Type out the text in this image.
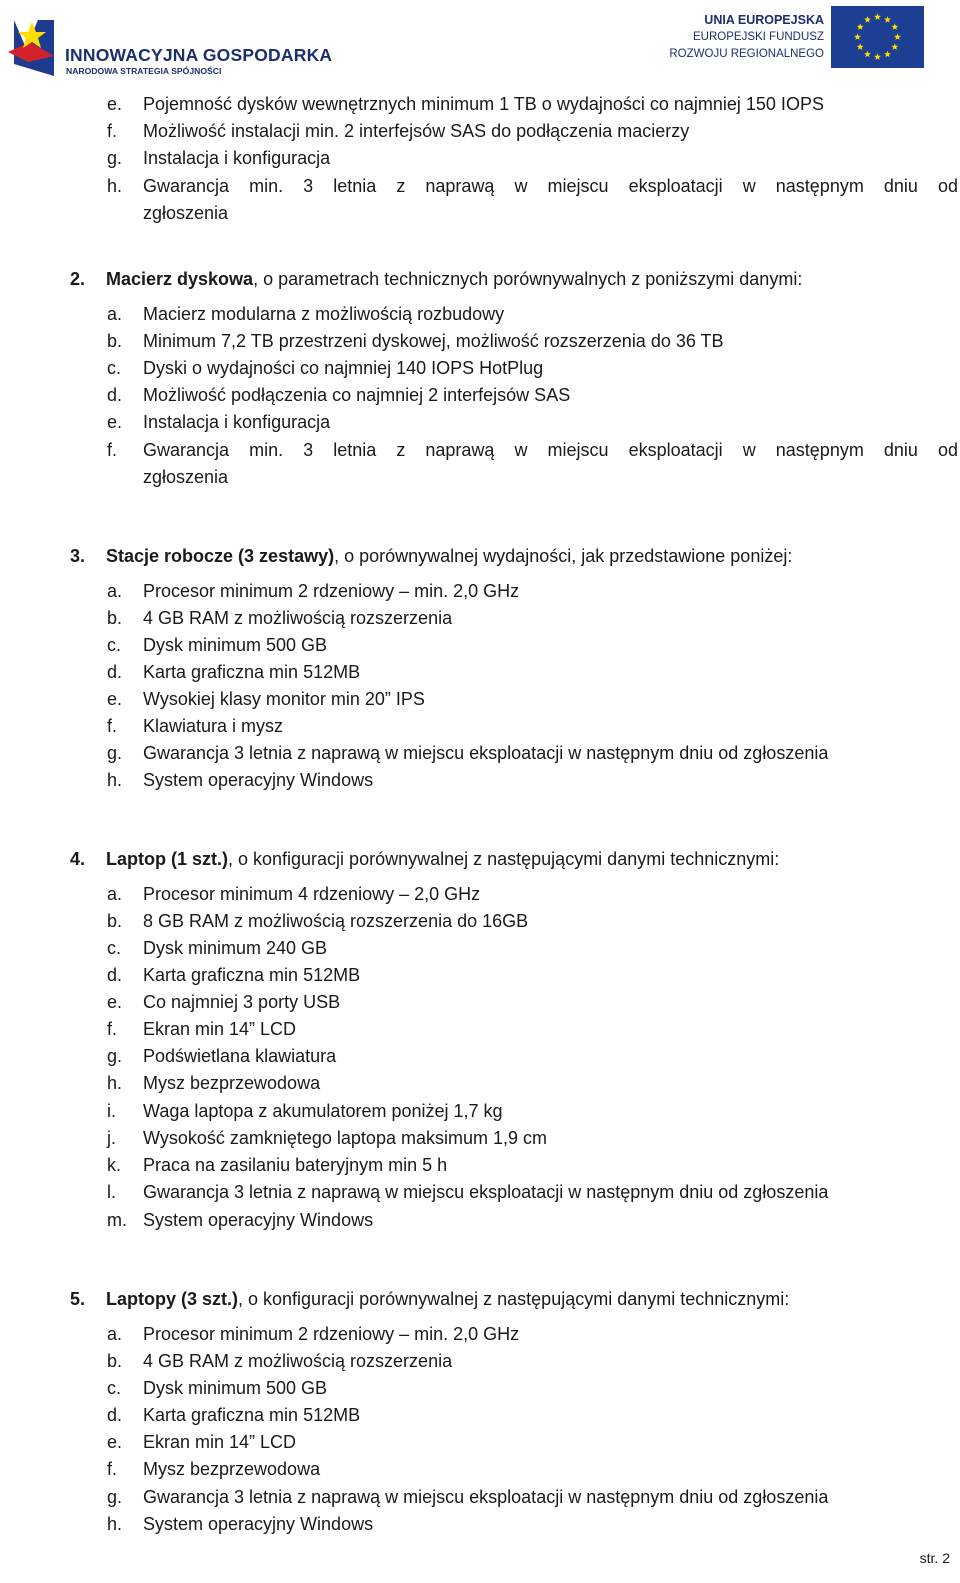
INNOWACYJNA GOSPODARKA
NARODOWA STRATEGIA SPÓJNOŚCI
UNIA EUROPEJSKA
EUROPEJSKI FUNDUSZ
ROZWOJU REGIONALNEGO
e.	Pojemność dysków wewnętrznych minimum 1 TB o wydajności co najmniej 150 IOPS
f.	Możliwość instalacji min. 2 interfejsów SAS do podłączenia macierzy
g.	Instalacja i konfiguracja
h.	Gwarancja min. 3 letnia z naprawą w miejscu eksploatacji w następnym dniu od
zgłoszenia
2. Macierz dyskowa, o parametrach technicznych porównywalnych z poniższymi danymi:
a.	Macierz modularna z możliwością rozbudowy
b.	Minimum 7,2 TB przestrzeni dyskowej, możliwość rozszerzenia do 36 TB
c.	Dyski o wydajności co najmniej 140 IOPS HotPlug
d.	Możliwość podłączenia co najmniej 2 interfejsów SAS
e.	Instalacja i konfiguracja
f.	Gwarancja min. 3 letnia z naprawą w miejscu eksploatacji w następnym dniu od
zgłoszenia
3. Stacje robocze (3 zestawy), o porównywalnej wydajności, jak przedstawione poniżej:
a.	Procesor minimum 2 rdzeniowy – min. 2,0 GHz
b.	4 GB RAM z możliwością rozszerzenia
c.	Dysk minimum 500 GB
d.	Karta graficzna min 512MB
e.	Wysokiej klasy monitor min 20” IPS
f.	Klawiatura i mysz
g.	Gwarancja 3 letnia z naprawą w miejscu eksploatacji w następnym dniu od zgłoszenia
h.	System operacyjny Windows
4. Laptop (1 szt.), o konfiguracji porównywalnej z następującymi danymi technicznymi:
a.	Procesor minimum 4 rdzeniowy – 2,0 GHz
b.	8 GB RAM z możliwością rozszerzenia do 16GB
c.	Dysk minimum 240 GB
d.	Karta graficzna min 512MB
e.	Co najmniej 3 porty USB
f.	Ekran min 14” LCD
g.	Podświetlana klawiatura
h.	Mysz bezprzewodowa
i.	Waga laptopa z akumulatorem poniżej 1,7 kg
j.	Wysokość zamkniętego laptopa maksimum 1,9 cm
k.	Praca na zasilaniu bateryjnym min 5 h
l.	Gwarancja 3 letnia z naprawą w miejscu eksploatacji w następnym dniu od zgłoszenia
m. System operacyjny Windows
5. Laptopy (3 szt.), o konfiguracji porównywalnej z następującymi danymi technicznymi:
a.	Procesor minimum 2 rdzeniowy – min. 2,0 GHz
b.	4 GB RAM z możliwością rozszerzenia
c.	Dysk minimum 500 GB
d.	Karta graficzna min 512MB
e.	Ekran min 14” LCD
f.	Mysz bezprzewodowa
g.	Gwarancja 3 letnia z naprawą w miejscu eksploatacji w następnym dniu od zgłoszenia
h.	System operacyjny Windows
str. 2
